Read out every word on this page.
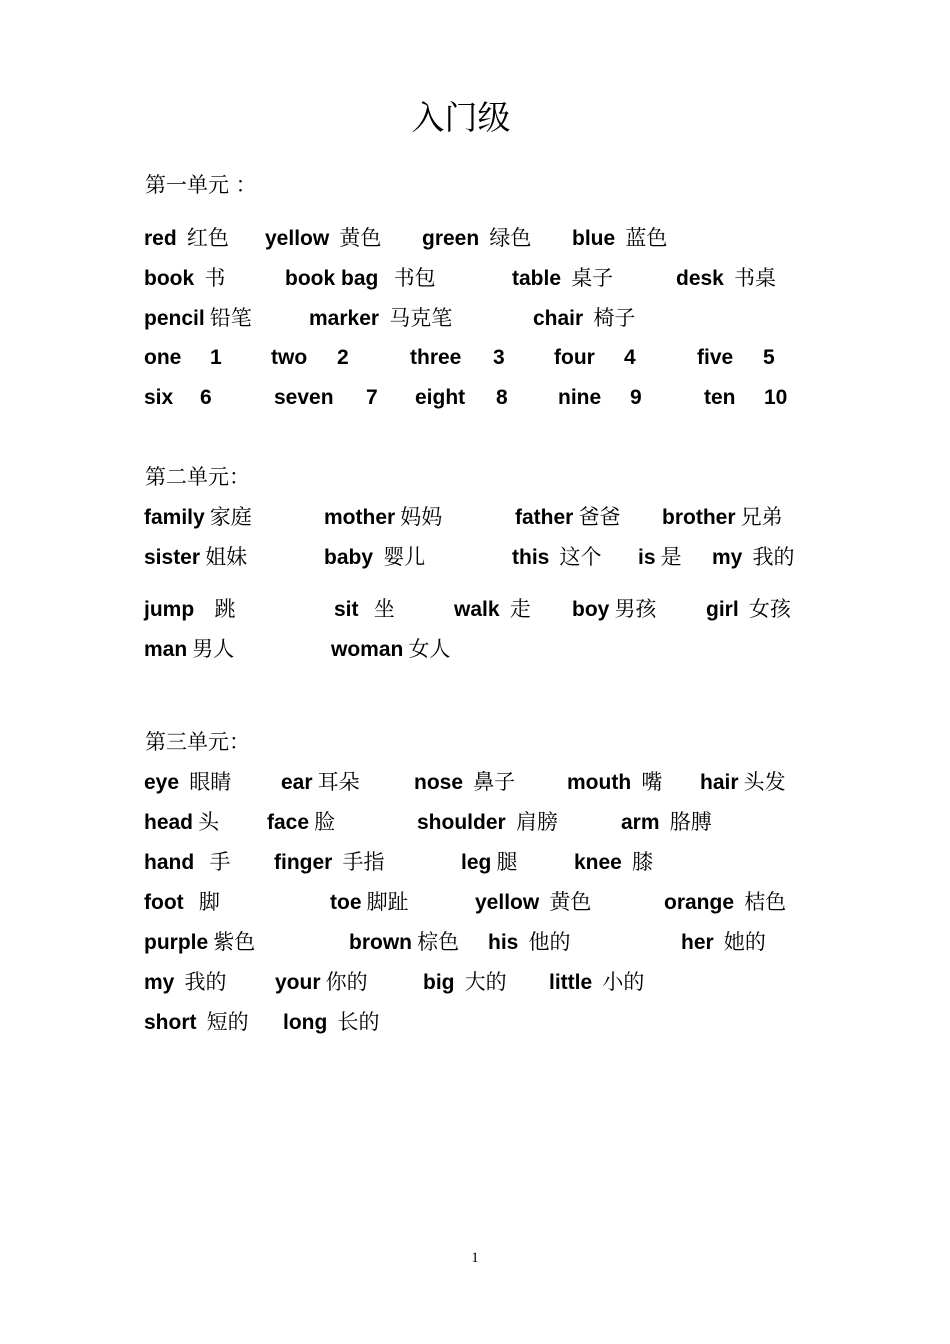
入门级
第一单元 ：
red 红色 yellow 黄色 green 绿色 blue 蓝色
book 书	book bag 书包	table 桌子	desk 书桌
pencil 铅笔	marker 马克笔	chair 椅子
one 1 two 2	three 3 four 4	five 5
six 6	seven 7 eight 8 nine 9	ten 10
第二单元：
family 家庭	mother 妈妈	father 爸爸 brother 兄弟
sister 姐妹	baby 婴儿	this 这个 is 是 my 我的
jump 跳	sit 坐	walk 走 boy 男孩 girl 女孩
man 男人	woman 女人
第三单元：
eye 眼睛 ear 耳朵	nose 鼻子 mouth 嘴 hair 头发
head 头 face 脸	shoulder 肩膀	arm 胳膊
hand 手 finger 手指	leg 腿	knee 膝
foot 脚	toe 脚趾	yellow 黄色	orange 桔色
purple 紫色	brown 棕色 his 他的	her 她的
my 我的 your 你的	big 大的 little 小的
short 短的 long 长的
1
